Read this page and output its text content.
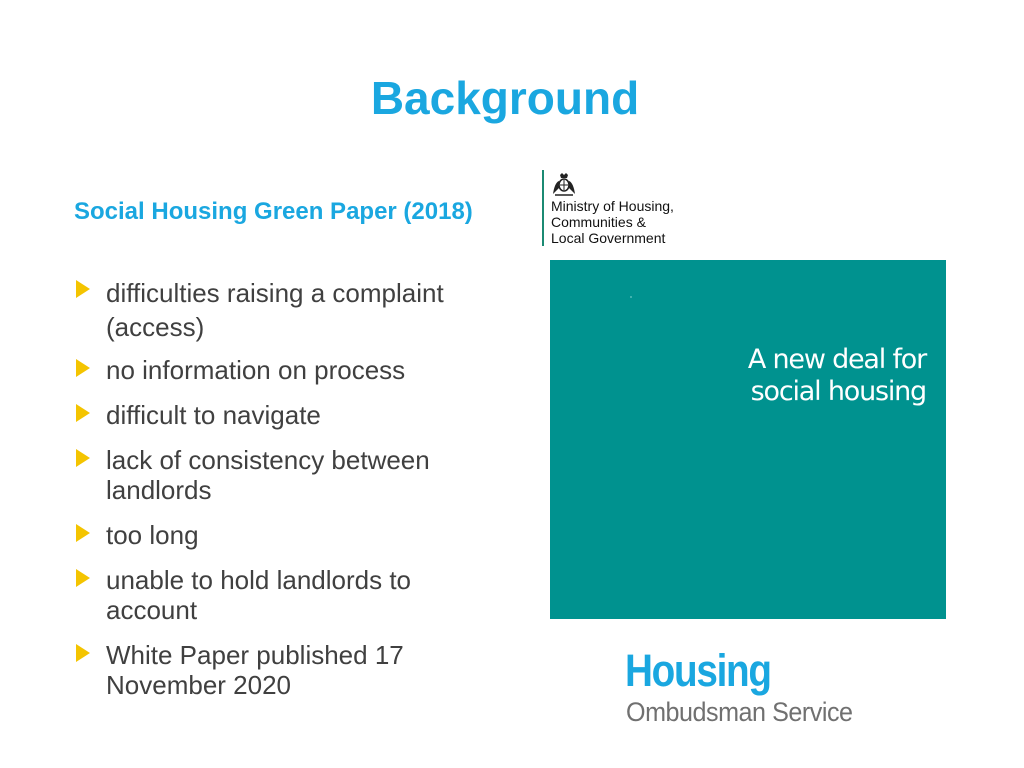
Background
Social Housing Green Paper (2018)
difficulties raising a complaint (access)
no information on process
difficult to navigate
lack of consistency between landlords
too long
unable to hold landlords to account
White Paper published 17 November 2020
Ministry of Housing,
Communities &
Local Government
A new deal for
social housing
Housing
Ombudsman Service
